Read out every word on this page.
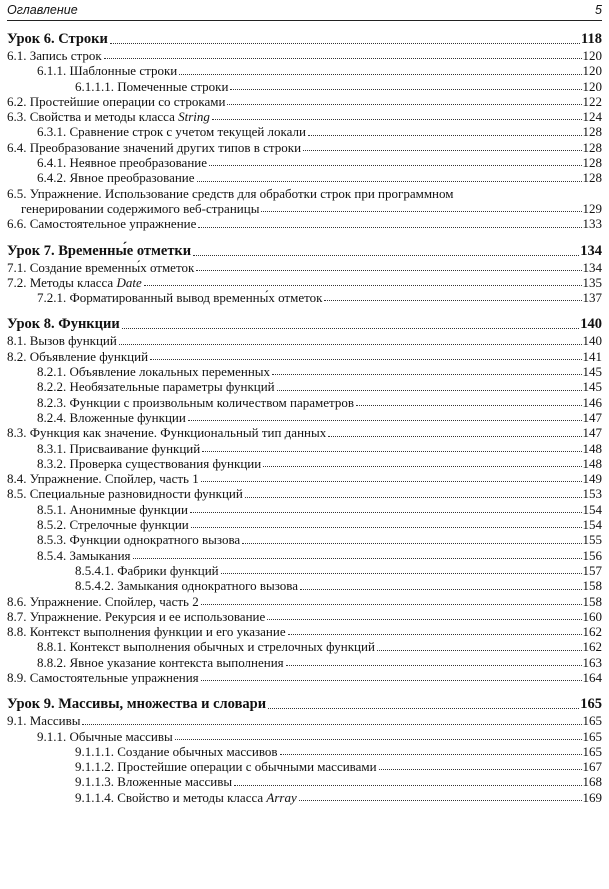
Оглавление	5
Урок 6. Строки	118
6.1. Запись строк	120
6.1.1. Шаблонные строки	120
6.1.1.1. Помеченные строки	120
6.2. Простейшие операции со строками	122
6.3. Свойства и методы класса String	124
6.3.1. Сравнение строк с учетом текущей локали	128
6.4. Преобразование значений других типов в строки	128
6.4.1. Неявное преобразование	128
6.4.2. Явное преобразование	128
6.5. Упражнение. Использование средств для обработки строк при программном
генерировании содержимого веб-страницы	129
6.6. Самостоятельное упражнение	133
Урок 7. Временны́е отметки	134
7.1. Создание временны́х отметок	134
7.2. Методы класса Date	135
7.2.1. Форматированный вывод временны́х отметок	137
Урок 8. Функции	140
8.1. Вызов функций	140
8.2. Объявление функций	141
8.2.1. Объявление локальных переменных	145
8.2.2. Необязательные параметры функций	145
8.2.3. Функции с произвольным количеством параметров	146
8.2.4. Вложенные функции	147
8.3. Функция как значение. Функциональный тип данных	147
8.3.1. Присваивание функций	148
8.3.2. Проверка существования функции	148
8.4. Упражнение. Спойлер, часть 1	149
8.5. Специальные разновидности функций	153
8.5.1. Анонимные функции	154
8.5.2. Стрелочные функции	154
8.5.3. Функции однократного вызова	155
8.5.4. Замыкания	156
8.5.4.1. Фабрики функций	157
8.5.4.2. Замыкания однократного вызова	158
8.6. Упражнение. Спойлер, часть 2	158
8.7. Упражнение. Рекурсия и ее использование	160
8.8. Контекст выполнения функции и его указание	162
8.8.1. Контекст выполнения обычных и стрелочных функций	162
8.8.2. Явное указание контекста выполнения	163
8.9. Самостоятельные упражнения	164
Урок 9. Массивы, множества и словари	165
9.1. Массивы	165
9.1.1. Обычные массивы	165
9.1.1.1. Создание обычных массивов	165
9.1.1.2. Простейшие операции с обычными массивами	167
9.1.1.3. Вложенные массивы	168
9.1.1.4. Свойство и методы класса Array	169
